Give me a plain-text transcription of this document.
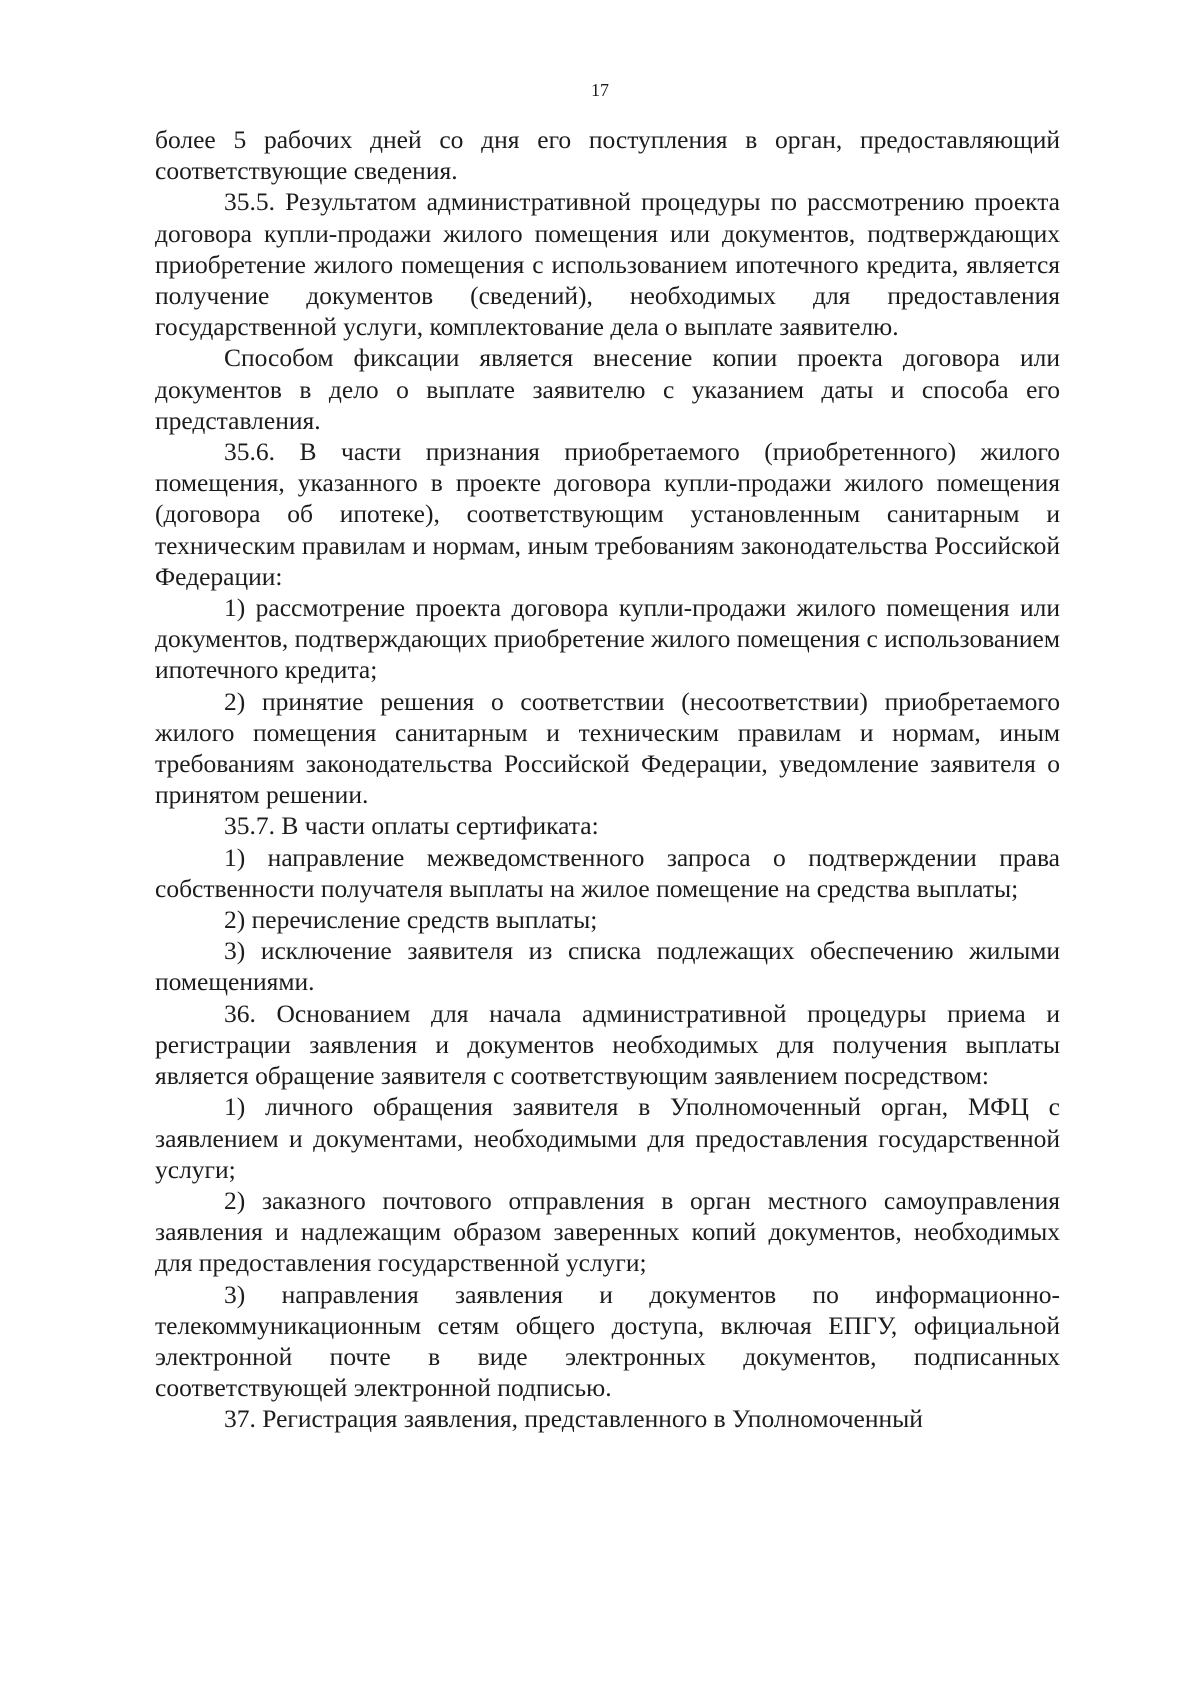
17

более 5 рабочих дней со дня его поступления в орган, предоставляющий соответствующие сведения.

35.5. Результатом административной процедуры по рассмотрению проекта договора купли-продажи жилого помещения или документов, подтверждающих приобретение жилого помещения с использованием ипотечного кредита, является получение документов (сведений), необходимых для предоставления государственной услуги, комплектование дела о выплате заявителю.

Способом фиксации является внесение копии проекта договора или документов в дело о выплате заявителю с указанием даты и способа его представления.

35.6. В части признания приобретаемого (приобретенного) жилого помещения, указанного в проекте договора купли-продажи жилого помещения (договора об ипотеке), соответствующим установленным санитарным и техническим правилам и нормам, иным требованиям законодательства Российской Федерации:

1) рассмотрение проекта договора купли-продажи жилого помещения или документов, подтверждающих приобретение жилого помещения с использованием ипотечного кредита;

2) принятие решения о соответствии (несоответствии) приобретаемого жилого помещения санитарным и техническим правилам и нормам, иным требованиям законодательства Российской Федерации, уведомление заявителя о принятом решении.

35.7. В части оплаты сертификата:

1) направление межведомственного запроса о подтверждении права собственности получателя выплаты на жилое помещение на средства выплаты;

2) перечисление средств выплаты;

3) исключение заявителя из списка подлежащих обеспечению жилыми помещениями.

36. Основанием для начала административной процедуры приема и регистрации заявления и документов необходимых для получения выплаты является обращение заявителя с соответствующим заявлением посредством:

1) личного обращения заявителя в Уполномоченный орган, МФЦ с заявлением и документами, необходимыми для предоставления государственной услуги;

2) заказного почтового отправления в орган местного самоуправления заявления и надлежащим образом заверенных копий документов, необходимых для предоставления государственной услуги;

3) направления заявления и документов по информационно-телекоммуникационным сетям общего доступа, включая ЕПГУ, официальной электронной почте в виде электронных документов, подписанных соответствующей электронной подписью.

37. Регистрация заявления, представленного в Уполномоченный
